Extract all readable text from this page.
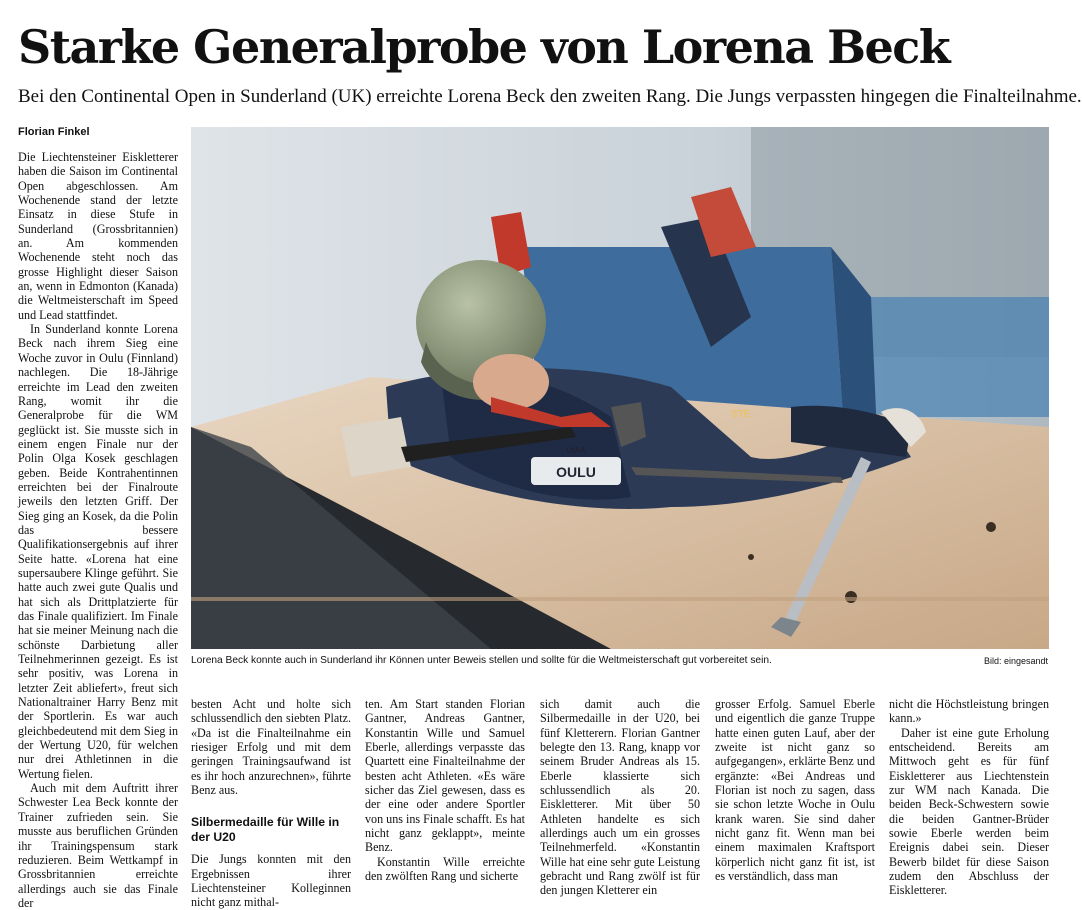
Starke Generalprobe von Lorena Beck
Bei den Continental Open in Sunderland (UK) erreichte Lorena Beck den zweiten Rang. Die Jungs verpassten hingegen die Finalteilnahme.
Florian Finkel

Die Liechtensteiner Eiskletterer haben die Saison im Continental Open abgeschlossen. Am Wochenende stand der letzte Einsatz in diese Stufe in Sunderland (Grossbritannien) an. Am kommenden Wochenende steht noch das grosse Highlight dieser Saison an, wenn in Edmonton (Kanada) die Weltmeisterschaft im Speed und Lead stattfindet.

In Sunderland konnte Lorena Beck nach ihrem Sieg eine Woche zuvor in Oulu (Finnland) nachlegen. Die 18-Jährige erreichte im Lead den zweiten Rang, womit ihr die Generalprobe für die WM geglückt ist. Sie musste sich in einem engen Finale nur der Polin Olga Kosek geschlagen geben. Beide Kontrahentinnen erreichten bei der Finalroute jeweils den letzten Griff. Der Sieg ging an Kosek, da die Polin das bessere Qualifikationsergebnis auf ihrer Seite hatte. «Lorena hat eine supersaubere Klinge geführt. Sie hatte auch zwei gute Qualis und hat sich als Drittplatzierte für das Finale qualifiziert. Im Finale hat sie meiner Meinung nach die schönste Darbietung aller Teilnehmerinnen gezeigt. Es ist sehr positiv, was Lorena in letzter Zeit abliefert», freut sich Nationaltrainer Harry Benz mit der Sportlerin. Es war auch gleichbedeutend mit dem Sieg in der Wertung U20, für welchen nur drei Athletinnen in die Wertung fielen.

Auch mit dem Auftritt ihrer Schwester Lea Beck konnte der Trainer zufrieden sein. Sie musste aus beruflichen Gründen ihr Trainingspensum stark reduzieren. Beim Wettkampf in Grossbritannien erreichte allerdings auch sie das Finale der

OULU
UIAA
STE
Lorena Beck konnte auch in Sunderland ihr Können unter Beweis stellen und sollte für die Weltmeisterschaft gut vorbereitet sein.	Bild: eingesandt

besten Acht und holte sich schlussendlich den siebten Platz. «Da ist die Finalteilnahme ein riesiger Erfolg und mit dem geringen Trainingsaufwand ist es ihr hoch anzurechnen», führte Benz aus.

Silbermedaille für Wille in der U20

Die Jungs konnten mit den Ergebnissen ihrer Liechtensteiner Kolleginnen nicht ganz mithal-

ten. Am Start standen Florian Gantner, Andreas Gantner, Konstantin Wille und Samuel Eberle, allerdings verpasste das Quartett eine Finalteilnahme der besten acht Athleten. «Es wäre sicher das Ziel gewesen, dass es der eine oder andere Sportler von uns ins Finale schafft. Es hat nicht ganz geklappt», meinte Benz.

Konstantin Wille erreichte den zwölften Rang und sicherte

sich damit auch die Silbermedaille in der U20, bei fünf Kletterern. Florian Gantner belegte den 13. Rang, knapp vor seinem Bruder Andreas als 15. Eberle klassierte sich schlussendlich als 20. Eiskletterer. Mit über 50 Athleten handelte es sich allerdings auch um ein grosses Teilnehmerfeld. «Konstantin Wille hat eine sehr gute Leistung gebracht und Rang zwölf ist für den jungen Kletterer ein

grosser Erfolg. Samuel Eberle und eigentlich die ganze Truppe hatte einen guten Lauf, aber der zweite ist nicht ganz so aufgegangen», erklärte Benz und ergänzte: «Bei Andreas und Florian ist noch zu sagen, dass sie schon letzte Woche in Oulu krank waren. Sie sind daher nicht ganz fit. Wenn man bei einem maximalen Kraftsport körperlich nicht ganz fit ist, ist es verständlich, dass man

nicht die Höchstleistung bringen kann.»

Daher ist eine gute Erholung entscheidend. Bereits am Mittwoch geht es für fünf Eiskletterer aus Liechtenstein zur WM nach Kanada. Die beiden Beck-Schwestern sowie die beiden Gantner-Brüder sowie Eberle werden beim Ereignis dabei sein. Dieser Bewerb bildet für diese Saison zudem den Abschluss der Eiskletterer.
